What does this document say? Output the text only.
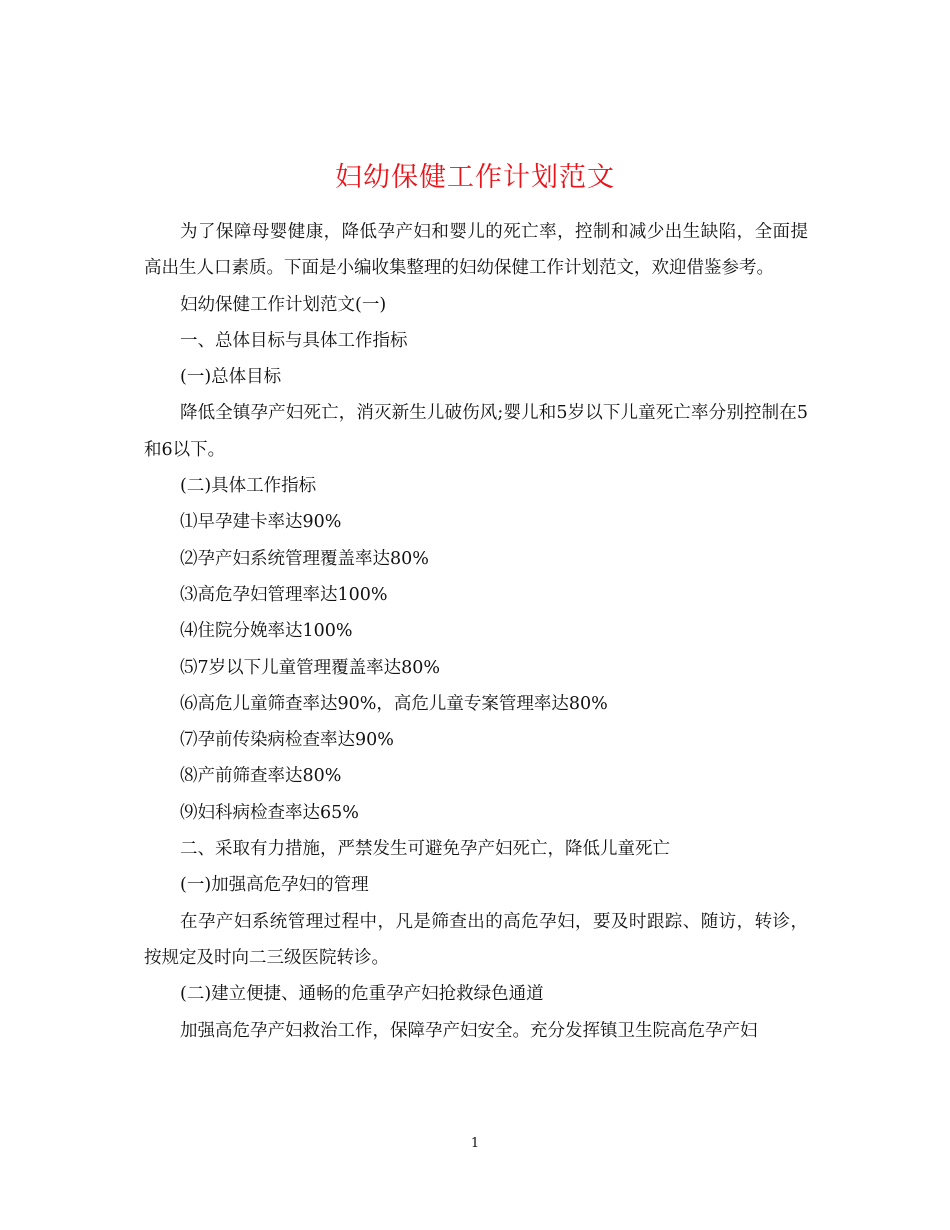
妇幼保健工作计划范文

为了保障母婴健康，降低孕产妇和婴儿的死亡率，控制和减少出生缺陷，全面提高出生人口素质。下面是小编收集整理的妇幼保健工作计划范文，欢迎借鉴参考。

妇幼保健工作计划范文(一)

一、总体目标与具体工作指标

(一)总体目标

降低全镇孕产妇死亡，消灭新生儿破伤风;婴儿和5岁以下儿童死亡率分别控制在5和6以下。

(二)具体工作指标

⑴早孕建卡率达90%

⑵孕产妇系统管理覆盖率达80%

⑶高危孕妇管理率达100%

⑷住院分娩率达100%

⑸7岁以下儿童管理覆盖率达80%

⑹高危儿童筛查率达90%，高危儿童专案管理率达80%

⑺孕前传染病检查率达90%

⑻产前筛查率达80%

⑼妇科病检查率达65%

二、采取有力措施，严禁发生可避免孕产妇死亡，降低儿童死亡

(一)加强高危孕妇的管理

在孕产妇系统管理过程中，凡是筛查出的高危孕妇，要及时跟踪、随访，转诊，按规定及时向二三级医院转诊。

(二)建立便捷、通畅的危重孕产妇抢救绿色通道

加强高危孕产妇救治工作，保障孕产妇安全。充分发挥镇卫生院高危孕产妇

1
